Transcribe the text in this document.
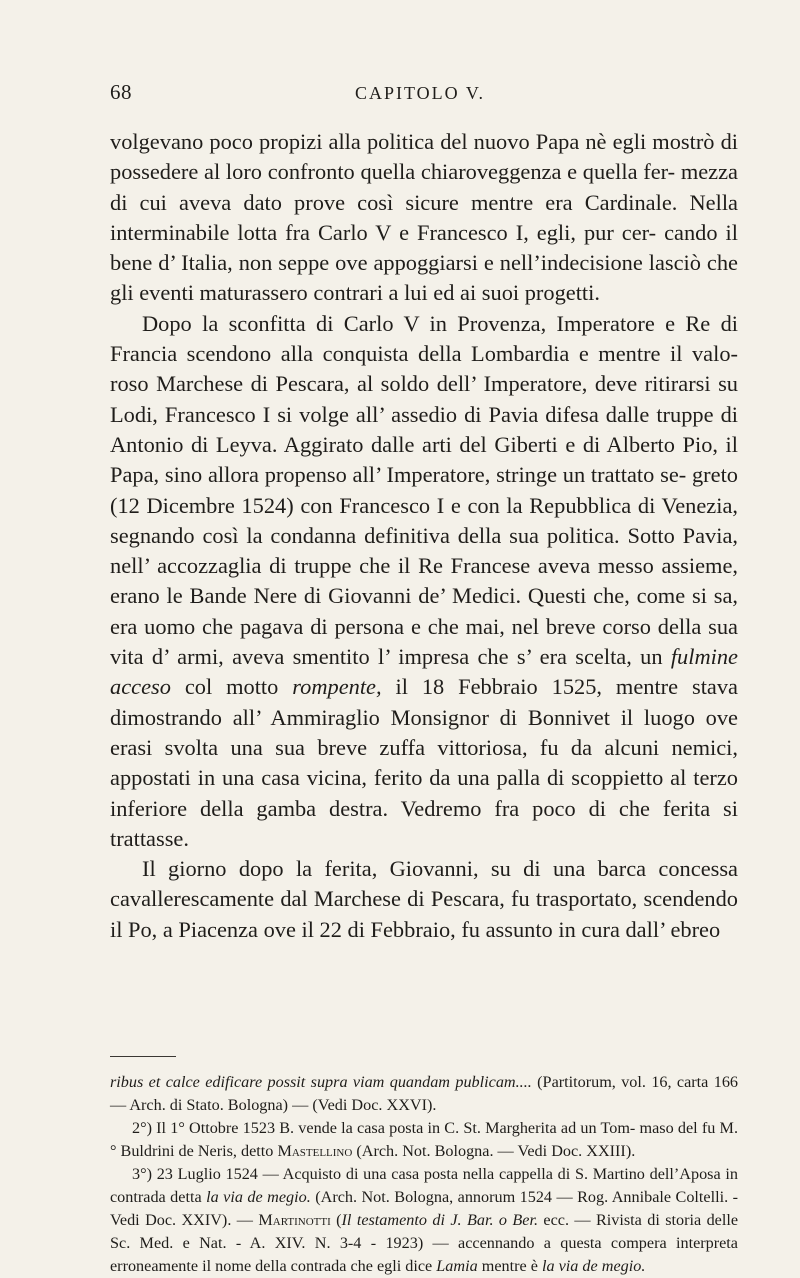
68	CAPITOLO V.

volgevano poco propizi alla politica del nuovo Papa nè egli mostrò di possedere al loro confronto quella chiaroveggenza e quella fer- mezza di cui aveva dato prove così sicure mentre era Cardinale. Nella interminabile lotta fra Carlo V e Francesco I, egli, pur cer- cando il bene d’ Italia, non seppe ove appoggiarsi e nell’indecisione lasciò che gli eventi maturassero contrari a lui ed ai suoi progetti.

Dopo la sconfitta di Carlo V in Provenza, Imperatore e Re di Francia scendono alla conquista della Lombardia e mentre il valo- roso Marchese di Pescara, al soldo dell’ Imperatore, deve ritirarsi su Lodi, Francesco I si volge all’ assedio di Pavia difesa dalle truppe di Antonio di Leyva. Aggirato dalle arti del Giberti e di Alberto Pio, il Papa, sino allora propenso all’ Imperatore, stringe un trattato se- greto (12 Dicembre 1524) con Francesco I e con la Repubblica di Venezia, segnando così la condanna definitiva della sua politica. Sotto Pavia, nell’ accozzaglia di truppe che il Re Francese aveva messo assieme, erano le Bande Nere di Giovanni de’ Medici. Questi che, come si sa, era uomo che pagava di persona e che mai, nel breve corso della sua vita d’ armi, aveva smentito l’ impresa che s’ era scelta, un fulmine acceso col motto rompente, il 18 Febbraio 1525, mentre stava dimostrando all’ Ammiraglio Monsignor di Bonnivet il luogo ove erasi svolta una sua breve zuffa vittoriosa, fu da alcuni nemici, appostati in una casa vicina, ferito da una palla di scoppietto al terzo inferiore della gamba destra. Vedremo fra poco di che ferita si trattasse.

Il giorno dopo la ferita, Giovanni, su di una barca concessa cavallerescamente dal Marchese di Pescara, fu trasportato, scendendo il Po, a Piacenza ove il 22 di Febbraio, fu assunto in cura dall’ ebreo

ribus et calce edificare possit supra viam quandam publicam.... (Partitorum, vol. 16, carta 166 — Arch. di Stato. Bologna) — (Vedi Doc. XXVI).

2°) Il 1° Ottobre 1523 B. vende la casa posta in C. St. Margherita ad un Tom- maso del fu M.° Buldrini de Neris, detto Mastellino (Arch. Not. Bologna. — Vedi Doc. XXIII).

3°) 23 Luglio 1524 — Acquisto di una casa posta nella cappella di S. Martino dell’Aposa in contrada detta la via de megio. (Arch. Not. Bologna, annorum 1524 — Rog. Annibale Coltelli. - Vedi Doc. XXIV). — Martinotti (Il testamento di J. Bar. o Ber. ecc. — Rivista di storia delle Sc. Med. e Nat. - A. XIV. N. 3-4 - 1923) — accennando a questa compera interpreta erroneamente il nome della contrada che egli dice Lamia mentre è la via de megio.
